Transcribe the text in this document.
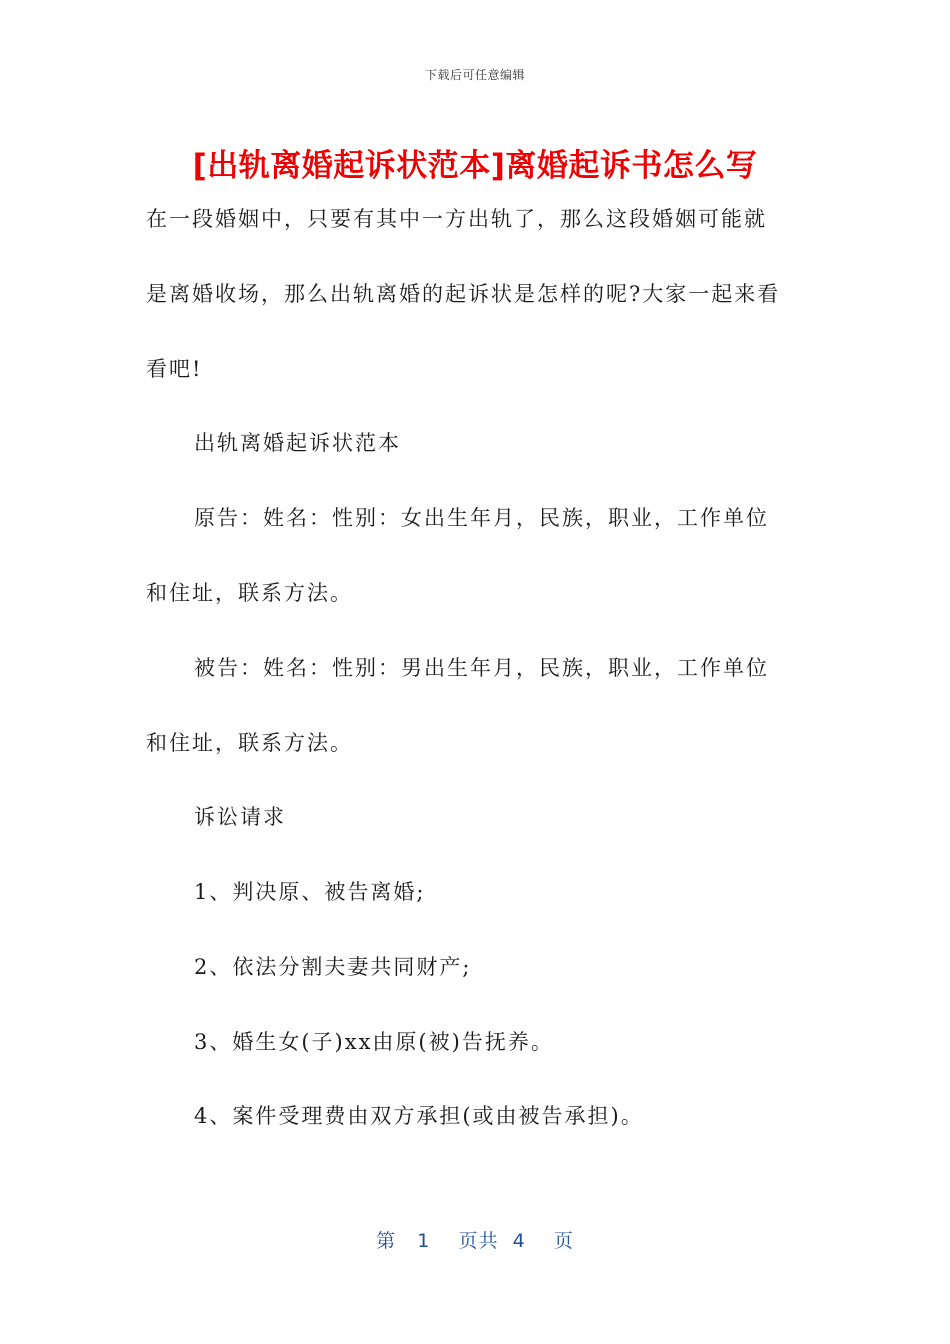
下载后可任意编辑
[出轨离婚起诉状范本]离婚起诉书怎么写
在一段婚姻中，只要有其中一方出轨了，那么这段婚姻可能就
是离婚收场，那么出轨离婚的起诉状是怎样的呢?大家一起来看
看吧!
出轨离婚起诉状范本
原告：姓名：性别：女出生年月，民族，职业，工作单位
和住址，联系方法。
被告：姓名：性别：男出生年月，民族，职业，工作单位
和住址，联系方法。
诉讼请求
1、判决原、被告离婚;
2、依法分割夫妻共同财产;
3、婚生女(子)xx由原(被)告抚养。
4、案件受理费由双方承担(或由被告承担)。
第   1    页共  4    页
